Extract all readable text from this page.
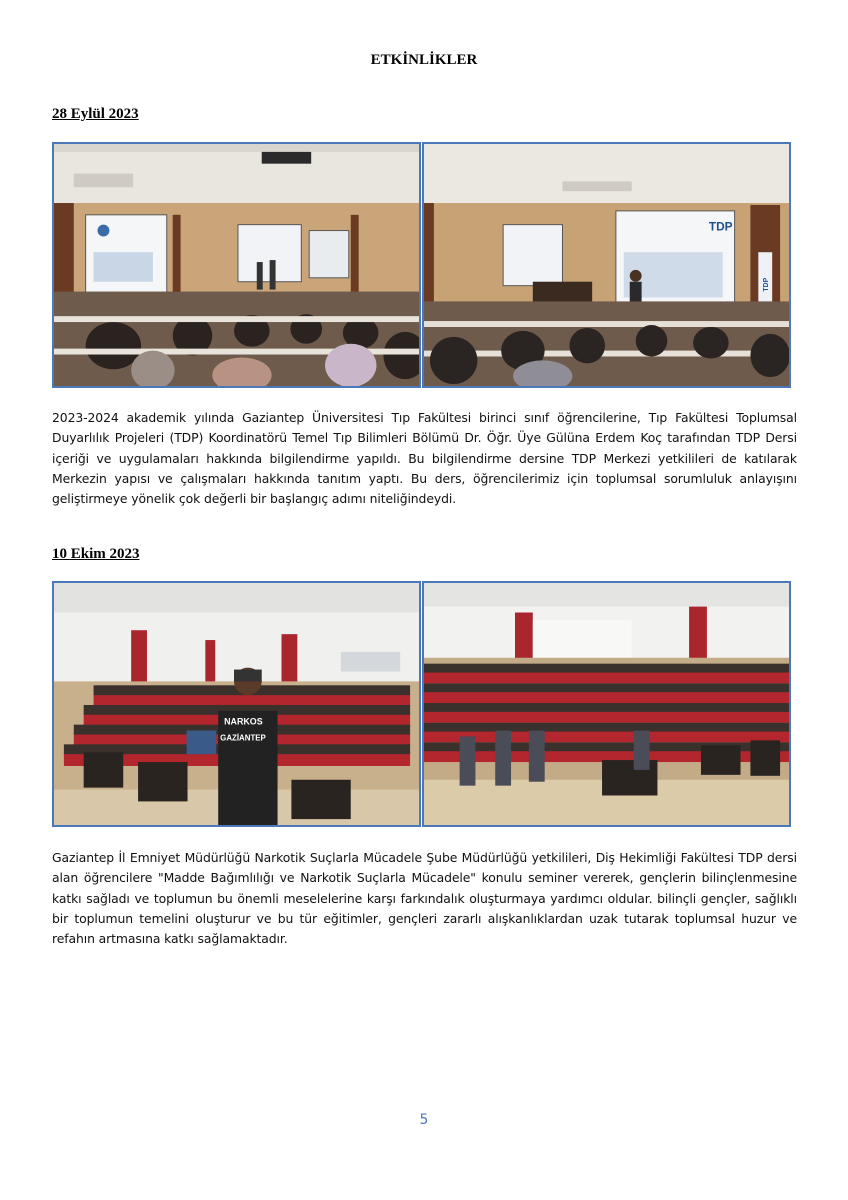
ETKİNLİKLER
28 Eylül 2023
TDP
TDP
2023-2024 akademik yılında Gaziantep Üniversitesi Tıp Fakültesi birinci sınıf öğrencilerine, Tıp Fakültesi Toplumsal Duyarlılık Projeleri (TDP) Koordinatörü Temel Tıp Bilimleri Bölümü Dr. Öğr. Üye Gülüna Erdem Koç tarafından TDP Dersi içeriği ve uygulamaları hakkında bilgilendirme yapıldı. Bu bilgilendirme dersine TDP Merkezi yetkilileri de katılarak Merkezin yapısı ve çalışmaları hakkında tanıtım yaptı. Bu ders, öğrencilerimiz için toplumsal sorumluluk anlayışını geliştirmeye yönelik çok değerli bir başlangıç adımı niteliğindeydi.
10 Ekim 2023
NARKOS
GAZİANTEP
Gaziantep İl Emniyet Müdürlüğü Narkotik Suçlarla Mücadele Şube Müdürlüğü yetkilileri, Diş Hekimliği Fakültesi TDP dersi alan öğrencilere "Madde Bağımlılığı ve Narkotik Suçlarla Mücadele" konulu seminer vererek, gençlerin bilinçlenmesine katkı sağladı ve toplumun bu önemli meselelerine karşı farkındalık oluşturmaya yardımcı oldular. bilinçli gençler, sağlıklı bir toplumun temelini oluşturur ve bu tür eğitimler, gençleri zararlı alışkanlıklardan uzak tutarak toplumsal huzur ve refahın artmasına katkı sağlamaktadır.
5
